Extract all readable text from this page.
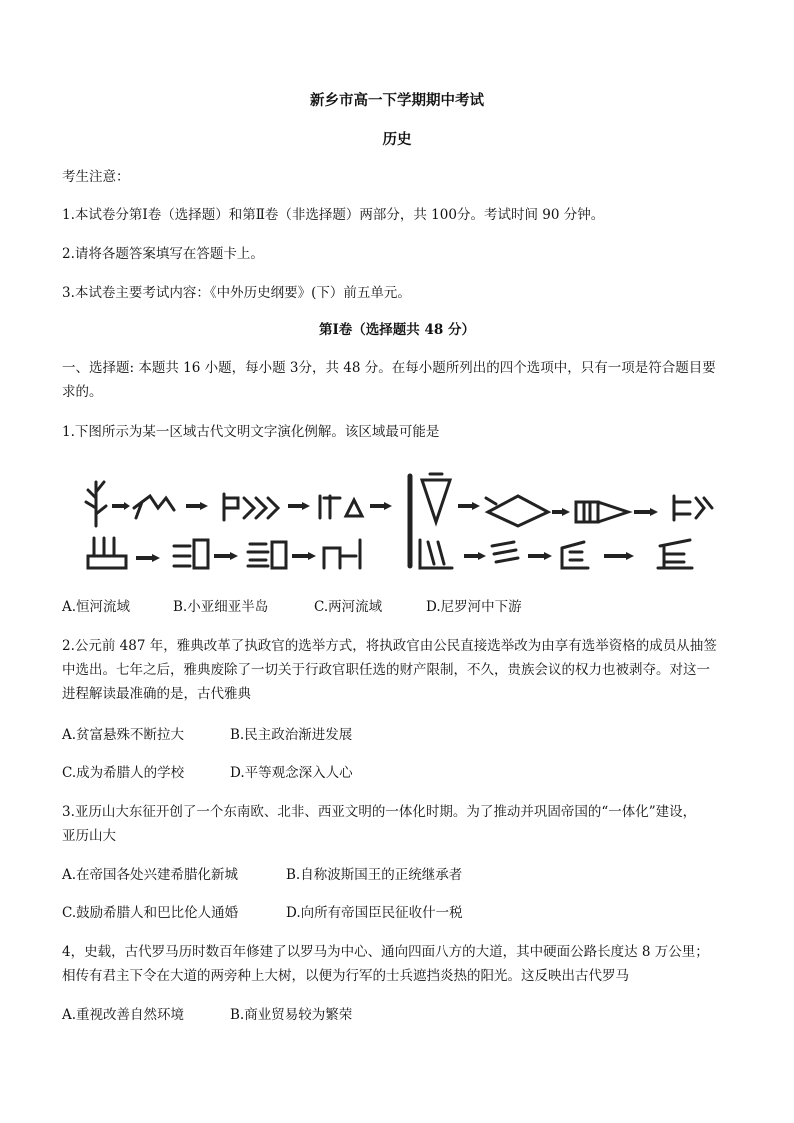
新乡市高一下学期期中考试
历史
考生注意：
1.本试卷分第Ⅰ卷（选择题）和第Ⅱ卷（非选择题）两部分，共 100分。考试时间 90 分钟。
2.请将各题答案填写在答题卡上。
3.本试卷主要考试内容：《中外历史纲要》(下）前五单元。
第Ⅰ卷（选择题共 48 分）
一、选择题: 本题共 16 小题，每小题 3分，共 48 分。在每小题所列出的四个选项中，只有一项是符合题目要
求的。
1.下图所示为某一区域古代文明文字演化例解。该区域最可能是
A.恒河流域	B.小亚细亚半岛	C.两河流域	D.尼罗河中下游
2.公元前 487 年，雅典改革了执政官的选举方式，将执政官由公民直接选举改为由享有选举资格的成员从抽签
中选出。七年之后，雅典废除了一切关于行政官职任选的财产限制，不久，贵族会议的权力也被剥夺。对这一
进程解读最准确的是，古代雅典
A.贫富悬殊不断拉大	B.民主政治渐进发展
C.成为希腊人的学校	D.平等观念深入人心
3.亚历山大东征开创了一个东南欧、北非、西亚文明的一体化时期。为了推动并巩固帝国的“一体化”建设，
亚历山大
A.在帝国各处兴建希腊化新城	B.自称波斯国王的正统继承者
C.鼓励希腊人和巴比伦人通婚	D.向所有帝国臣民征收什一税
4，史载，古代罗马历时数百年修建了以罗马为中心、通向四面八方的大道，其中硬面公路长度达 8 万公里；
相传有君主下令在大道的两旁种上大树，以便为行军的士兵遮挡炎热的阳光。这反映出古代罗马
A.重视改善自然环境	B.商业贸易较为繁荣
